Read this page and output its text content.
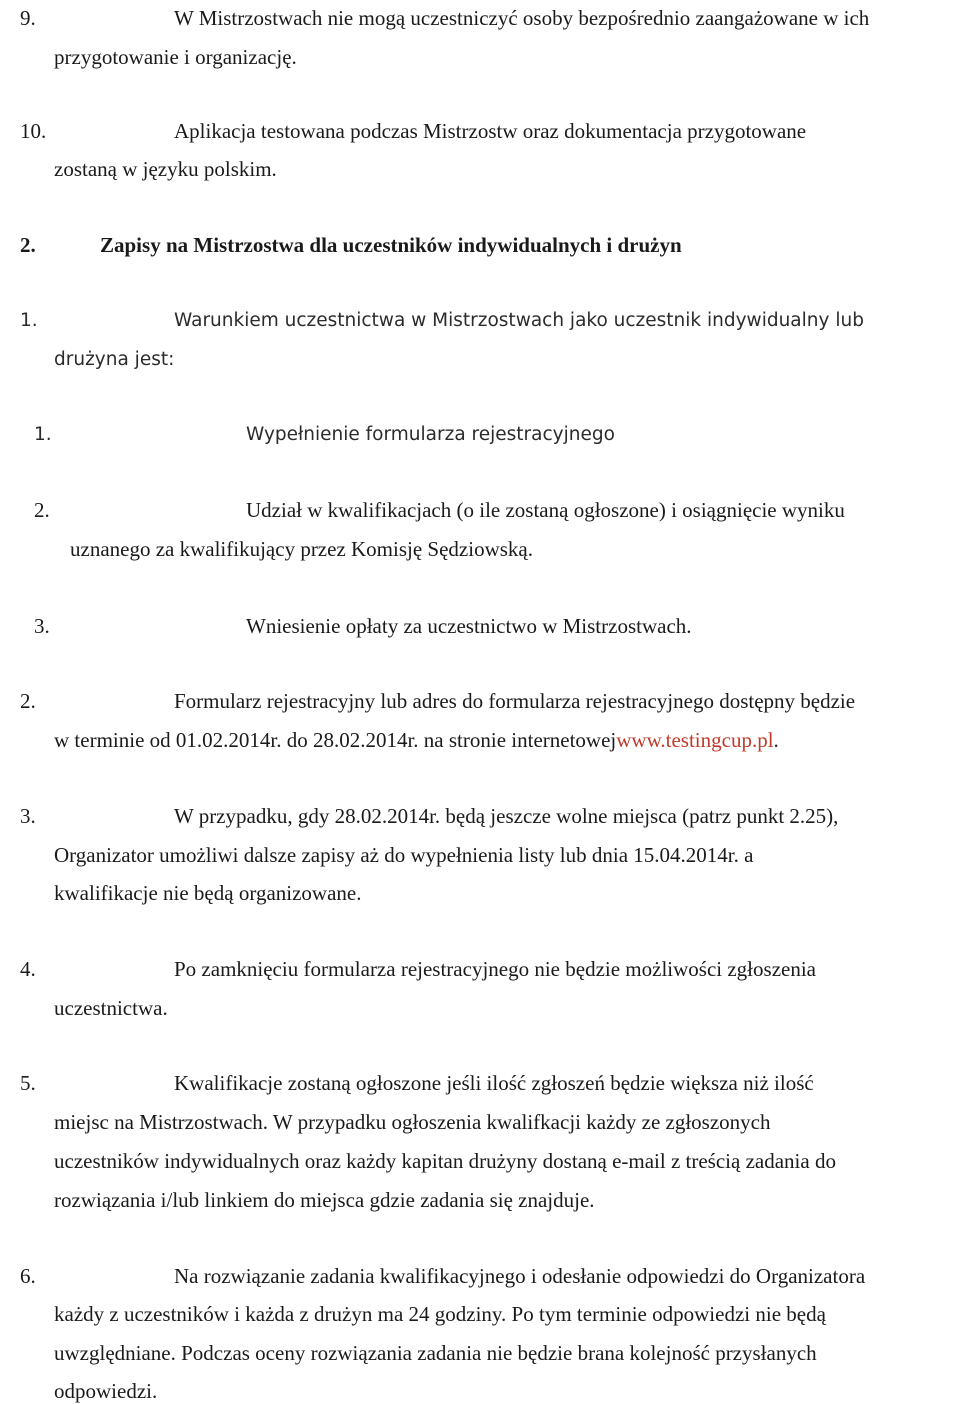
9.	W Mistrzostwach nie mogą uczestniczyć osoby bezpośrednio zaangażowane w ich
przygotowanie i organizację.
10.	Aplikacja testowana podczas Mistrzostw oraz dokumentacja przygotowane
zostaną w języku polskim.
2.	Zapisy na Mistrzostwa dla uczestników indywidualnych i drużyn
1.	Warunkiem uczestnictwa w Mistrzostwach jako uczestnik indywidualny lub
drużyna jest:
1.	Wypełnienie formularza rejestracyjnego
2.	Udział w kwalifikacjach (o ile zostaną ogłoszone) i osiągnięcie wyniku
uznanego za kwalifikujący przez Komisję Sędziowską.
3.	Wniesienie opłaty za uczestnictwo w Mistrzostwach.
2.	Formularz rejestracyjny lub adres do formularza rejestracyjnego dostępny będzie
w terminie od 01.02.2014r. do 28.02.2014r. na stronie internetowejwww.testingcup.pl.
3.	W przypadku, gdy 28.02.2014r. będą jeszcze wolne miejsca (patrz punkt 2.25),
Organizator umożliwi dalsze zapisy aż do wypełnienia listy lub dnia 15.04.2014r. a
kwalifikacje nie będą organizowane.
4.	Po zamknięciu formularza rejestracyjnego nie będzie możliwości zgłoszenia
uczestnictwa.
5.	Kwalifikacje zostaną ogłoszone jeśli ilość zgłoszeń będzie większa niż ilość
miejsc na Mistrzostwach. W przypadku ogłoszenia kwalifkacji każdy ze zgłoszonych
uczestników indywidualnych oraz każdy kapitan drużyny dostaną e-mail z treścią zadania do
rozwiązania i/lub linkiem do miejsca gdzie zadania się znajduje.
6.	Na rozwiązanie zadania kwalifikacyjnego i odesłanie odpowiedzi do Organizatora
każdy z uczestników i każda z drużyn ma 24 godziny. Po tym terminie odpowiedzi nie będą
uwzględniane. Podczas oceny rozwiązania zadania nie będzie brana kolejność przysłanych
odpowiedzi.
